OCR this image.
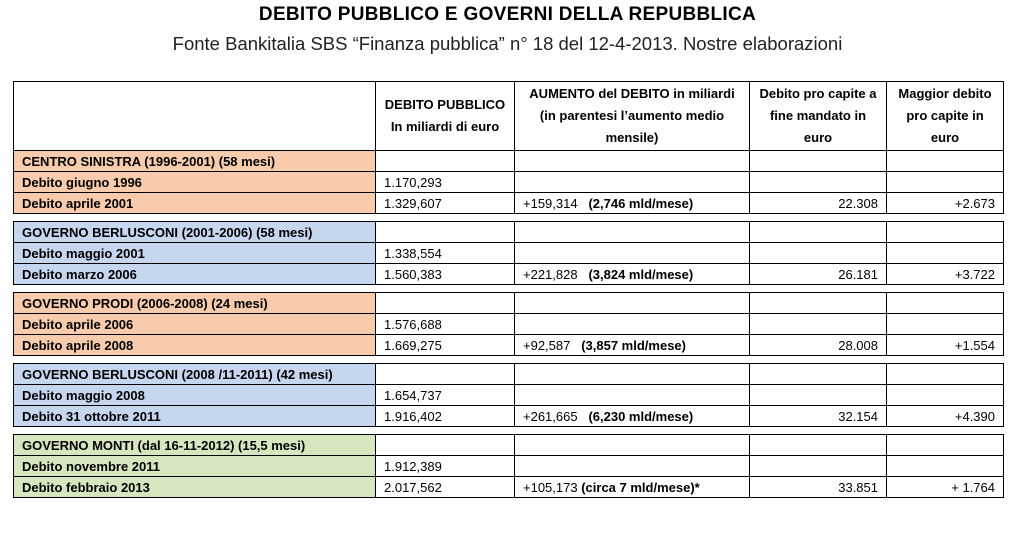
DEBITO PUBBLICO E GOVERNI DELLA REPUBBLICA
Fonte Bankitalia SBS “Finanza pubblica” n° 18 del 12-4-2013. Nostre elaborazioni
	DEBITO PUBBLICO In miliardi di euro	AUMENTO del DEBITO in miliardi (in parentesi l’aumento medio mensile)	Debito pro capite a fine mandato in euro	Maggior debito pro capite in euro
CENTRO SINISTRA (1996-2001) (58 mesi)				
Debito giugno 1996	1.170,293			
Debito aprile 2001	1.329,607	+159,314 (2,746 mld/mese)	22.308	+2.673

GOVERNO BERLUSCONI (2001-2006) (58 mesi)				
Debito maggio 2001	1.338,554			
Debito marzo 2006	1.560,383	+221,828 (3,824 mld/mese)	26.181	+3.722

GOVERNO PRODI (2006-2008) (24 mesi)				
Debito aprile 2006	1.576,688			
Debito aprile 2008	1.669,275	+92,587 (3,857 mld/mese)	28.008	+1.554

GOVERNO BERLUSCONI (2008 /11-2011) (42 mesi)				
Debito maggio 2008	1.654,737			
Debito 31 ottobre 2011	1.916,402	+261,665 (6,230 mld/mese)	32.154	+4.390

GOVERNO MONTI (dal 16-11-2012) (15,5 mesi)				
Debito novembre 2011	1.912,389			
Debito febbraio 2013	2.017,562	+105,173 (circa 7 mld/mese)*	33.851	+ 1.764
